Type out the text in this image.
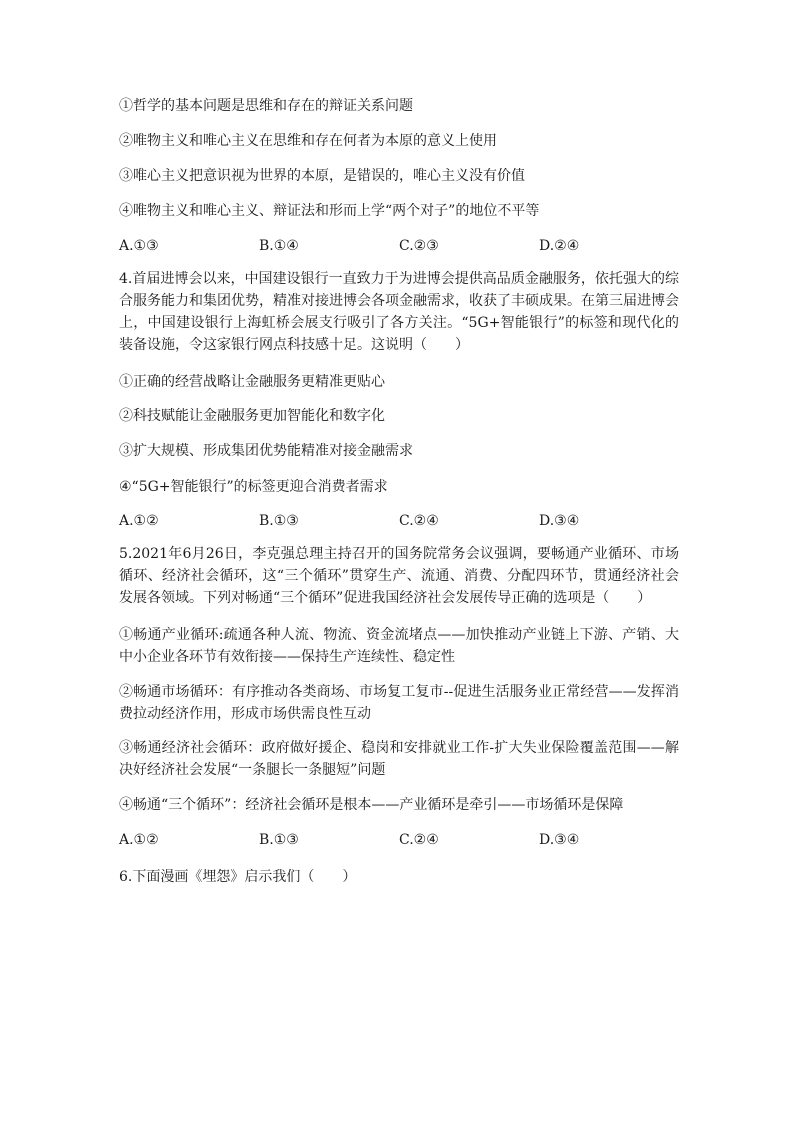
①哲学的基本问题是思维和存在的辩证关系问题
②唯物主义和唯心主义在思维和存在何者为本原的意义上使用
③唯心主义把意识视为世界的本原，是错误的，唯心主义没有价值
④唯物主义和唯心主义、辩证法和形而上学“两个对子”的地位不平等
A.①③	B.①④	C.②③	D.②④
4.首届进博会以来，中国建设银行一直致力于为进博会提供高品质金融服务，依托强大的综合服务能力和集团优势，精准对接进博会各项金融需求，收获了丰硕成果。在第三届进博会上，中国建设银行上海虹桥会展支行吸引了各方关注。“5G+智能银行”的标签和现代化的装备设施，令这家银行网点科技感十足。这说明（　　）
①正确的经营战略让金融服务更精准更贴心
②科技赋能让金融服务更加智能化和数字化
③扩大规模、形成集团优势能精准对接金融需求
④“5G+智能银行”的标签更迎合消费者需求
A.①②	B.①③	C.②④	D.③④
5.2021年6月26日，李克强总理主持召开的国务院常务会议强调，要畅通产业循环、市场循环、经济社会循环，这“三个循环”贯穿生产、流通、消费、分配四环节，贯通经济社会发展各领域。下列对畅通“三个循环”促进我国经济社会发展传导正确的选项是（　　）
①畅通产业循环:疏通各种人流、物流、资金流堵点——加快推动产业链上下游、产销、大中小企业各环节有效衔接——保持生产连续性、稳定性
②畅通市场循环：有序推动各类商场、市场复工复市--促进生活服务业正常经营——发挥消费拉动经济作用，形成市场供需良性互动
③畅通经济社会循环：政府做好援企、稳岗和安排就业工作-扩大失业保险覆盖范围——解决好经济社会发展“一条腿长一条腿短”问题
④畅通“三个循环”：经济社会循环是根本——产业循环是牵引——市场循环是保障
A.①②	B.①③	C.②④	D.③④
6.下面漫画《埋怨》启示我们（　　）
